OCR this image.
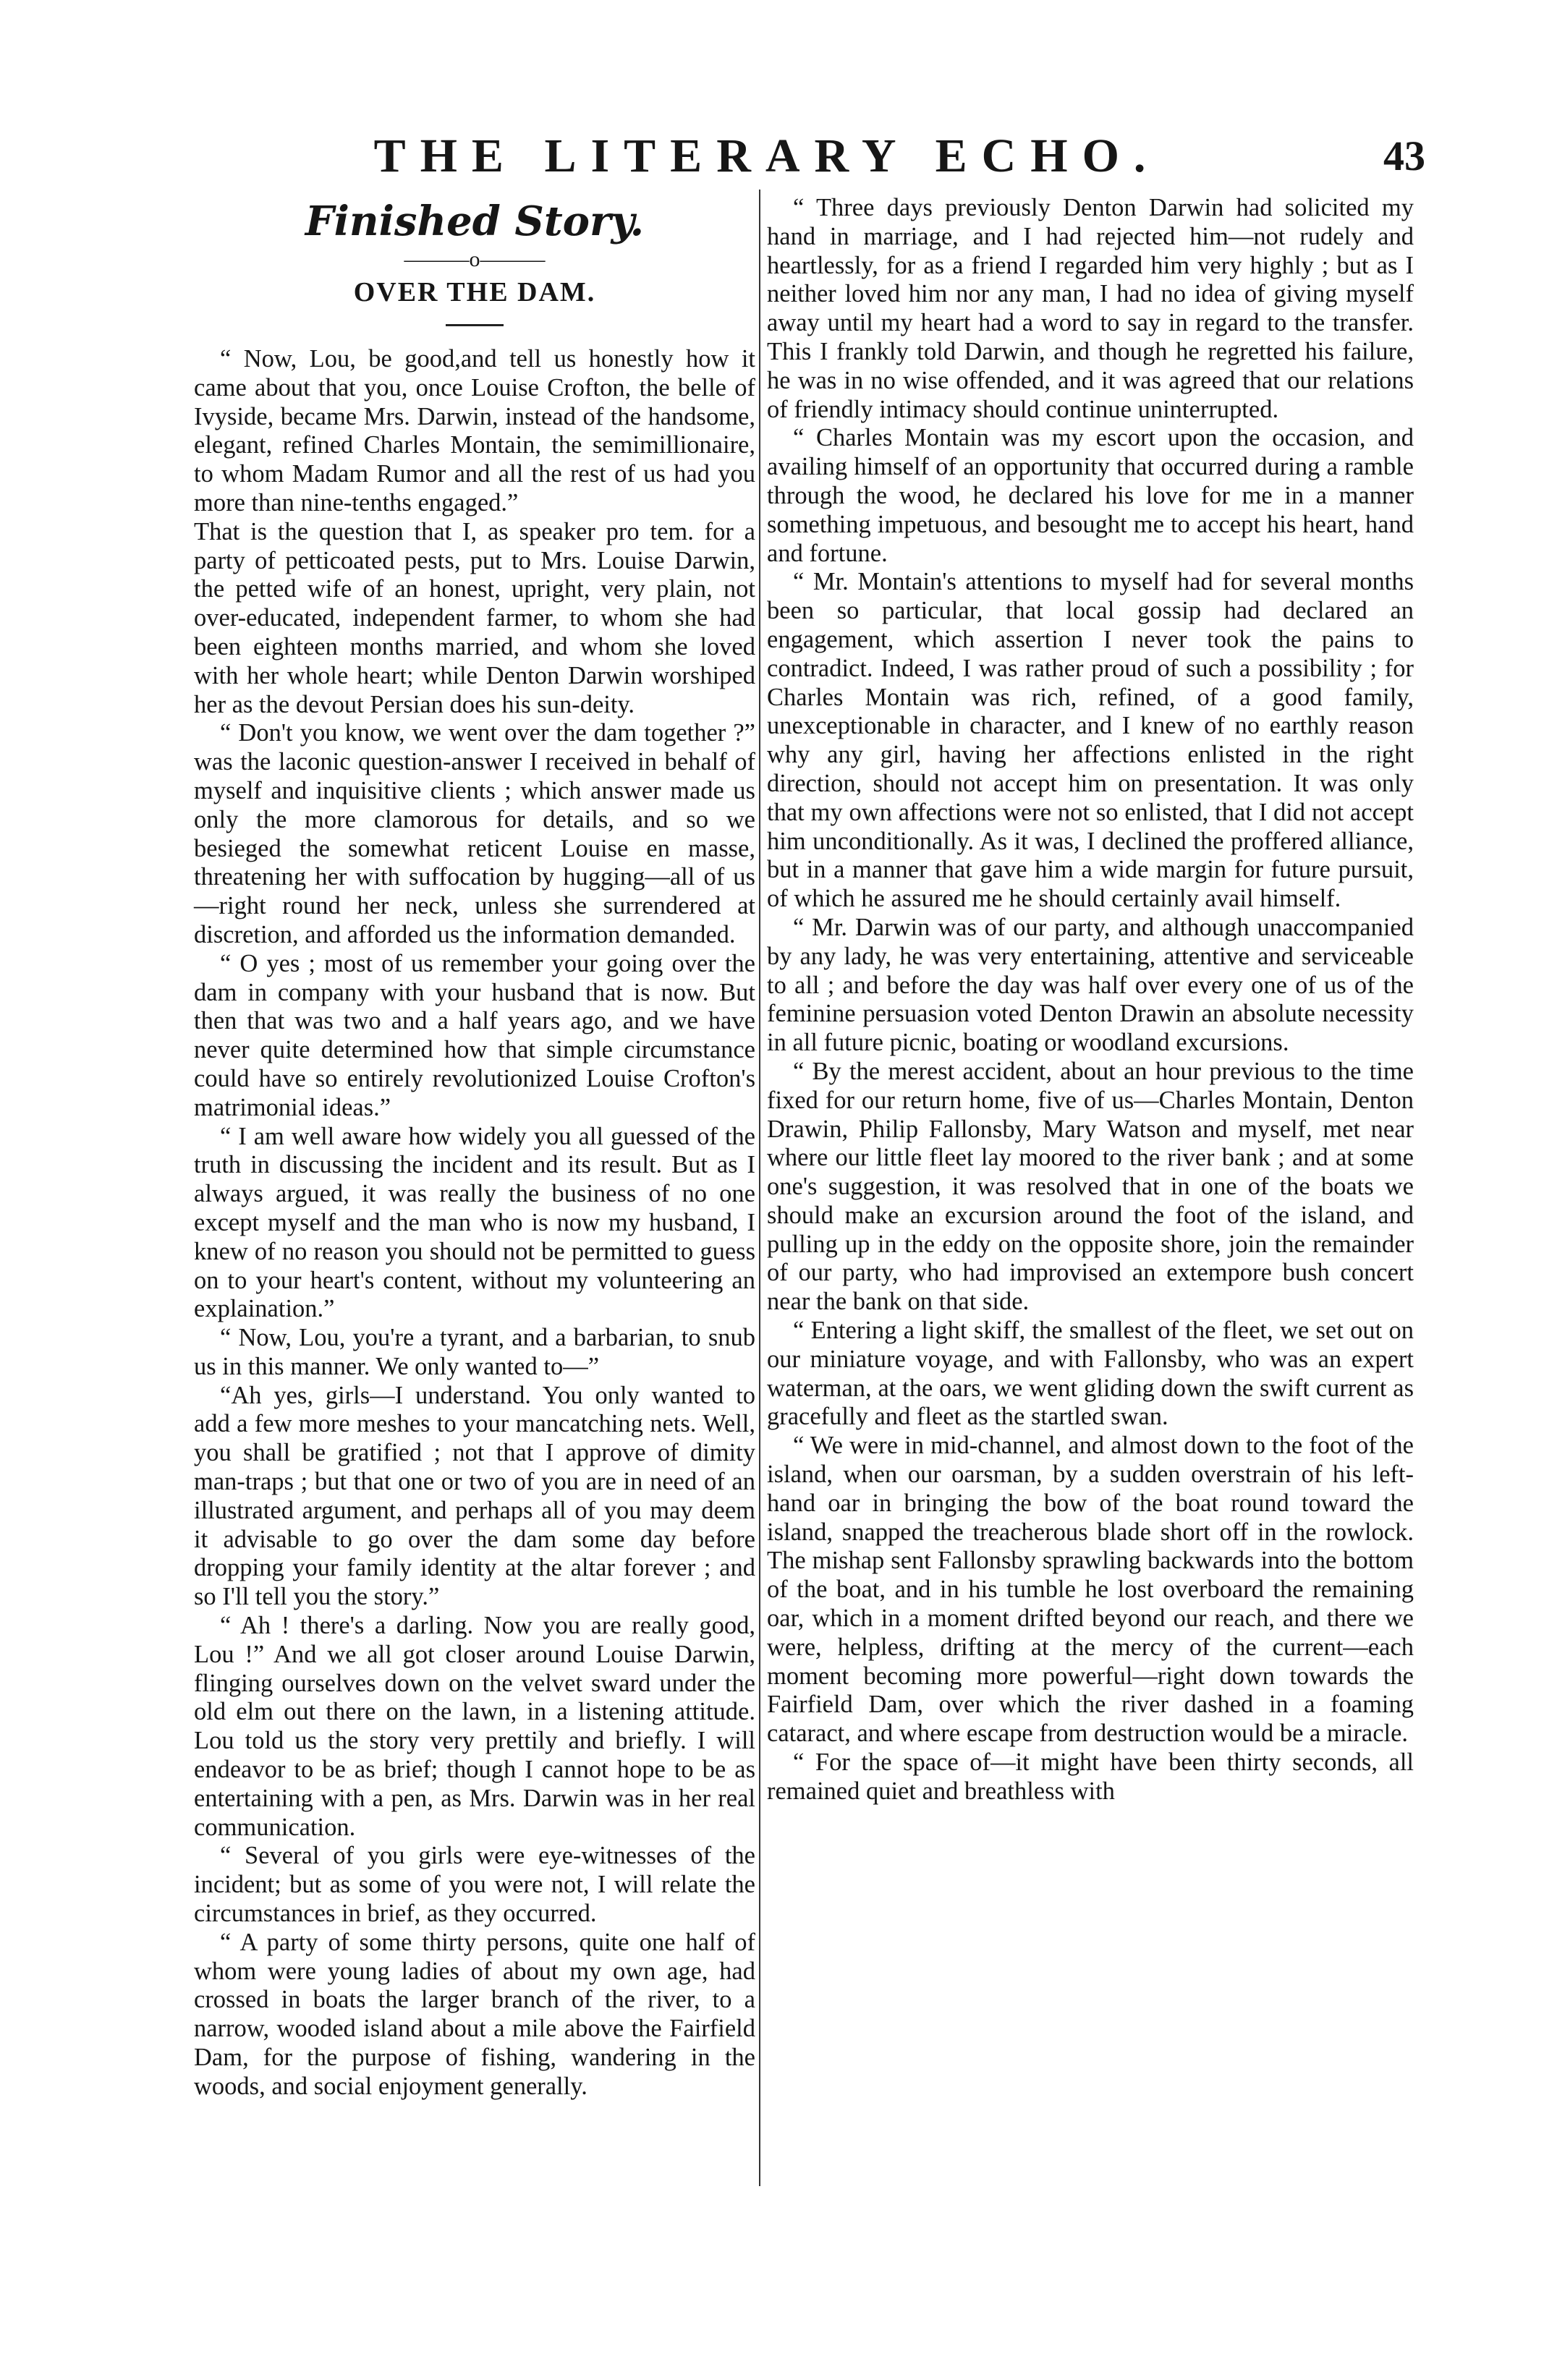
THE LITERARY ECHO.	43
Finished Story.
———o———
OVER THE DAM.

“ Now, Lou, be good,and tell us honestly how it came about that you, once Louise Crofton, the belle of Ivyside, became Mrs. Darwin, instead of the handsome, elegant, refined Charles Montain, the semimillionaire, to whom Madam Rumor and all the rest of us had you more than nine-tenths engaged.”

That is the question that I, as speaker pro tem. for a party of petticoated pests, put to Mrs. Louise Darwin, the petted wife of an honest, upright, very plain, not over-educated, independent farmer, to whom she had been eighteen months married, and whom she loved with her whole heart; while Denton Darwin worshiped her as the devout Persian does his sun-deity.

“ Don't you know, we went over the dam together ?” was the laconic question-answer I received in behalf of myself and inquisitive clients ; which answer made us only the more clamorous for details, and so we besieged the somewhat reticent Louise en masse, threatening her with suffocation by hugging—all of us—right round her neck, unless she surrendered at discretion, and afforded us the information demanded.

“ O yes ; most of us remember your going over the dam in company with your husband that is now. But then that was two and a half years ago, and we have never quite determined how that simple circumstance could have so entirely revolutionized Louise Crofton's matrimonial ideas.”

“ I am well aware how widely you all guessed of the truth in discussing the incident and its result. But as I always argued, it was really the business of no one except myself and the man who is now my husband, I knew of no reason you should not be permitted to guess on to your heart's content, without my volunteering an explaination.”

“ Now, Lou, you're a tyrant, and a barbarian, to snub us in this manner. We only wanted to—”

“Ah yes, girls—I understand. You only wanted to add a few more meshes to your mancatching nets. Well, you shall be gratified ; not that I approve of dimity man-traps ; but that one or two of you are in need of an illustrated argument, and perhaps all of you may deem it advisable to go over the dam some day before dropping your family identity at the altar forever ; and so I'll tell you the story.”

“ Ah ! there's a darling. Now you are really good, Lou !” And we all got closer around Louise Darwin, flinging ourselves down on the velvet sward under the old elm out there on the lawn, in a listening attitude. Lou told us the story very prettily and briefly. I will endeavor to be as brief; though I cannot hope to be as entertaining with a pen, as Mrs. Darwin was in her real communication.

“ Several of you girls were eye-witnesses of the incident; but as some of you were not, I will relate the circumstances in brief, as they occurred.

“ A party of some thirty persons, quite one half of whom were young ladies of about my own age, had crossed in boats the larger branch of the river, to a narrow, wooded island about a mile above the Fairfield Dam, for the purpose of fishing, wandering in the woods, and social enjoyment generally.

“ Three days previously Denton Darwin had solicited my hand in marriage, and I had rejected him—not rudely and heartlessly, for as a friend I regarded him very highly ; but as I neither loved him nor any man, I had no idea of giving myself away until my heart had a word to say in regard to the transfer. This I frankly told Darwin, and though he regretted his failure, he was in no wise offended, and it was agreed that our relations of friendly intimacy should continue uninterrupted.

“ Charles Montain was my escort upon the occasion, and availing himself of an opportunity that occurred during a ramble through the wood, he declared his love for me in a manner something impetuous, and besought me to accept his heart, hand and fortune.

“ Mr. Montain's attentions to myself had for several months been so particular, that local gossip had declared an engagement, which assertion I never took the pains to contradict. Indeed, I was rather proud of such a possibility ; for Charles Montain was rich, refined, of a good family, unexceptionable in character, and I knew of no earthly reason why any girl, having her affections enlisted in the right direction, should not accept him on presentation. It was only that my own affections were not so enlisted, that I did not accept him unconditionally. As it was, I declined the proffered alliance, but in a manner that gave him a wide margin for future pursuit, of which he assured me he should certainly avail himself.

“ Mr. Darwin was of our party, and although unaccompanied by any lady, he was very entertaining, attentive and serviceable to all ; and before the day was half over every one of us of the feminine persuasion voted Denton Drawin an absolute necessity in all future picnic, boating or woodland excursions.

“ By the merest accident, about an hour previous to the time fixed for our return home, five of us—Charles Montain, Denton Drawin, Philip Fallonsby, Mary Watson and myself, met near where our little fleet lay moored to the river bank ; and at some one's suggestion, it was resolved that in one of the boats we should make an excursion around the foot of the island, and pulling up in the eddy on the opposite shore, join the remainder of our party, who had improvised an extempore bush concert near the bank on that side.

“ Entering a light skiff, the smallest of the fleet, we set out on our miniature voyage, and with Fallonsby, who was an expert waterman, at the oars, we went gliding down the swift current as gracefully and fleet as the startled swan.

“ We were in mid-channel, and almost down to the foot of the island, when our oarsman, by a sudden overstrain of his left-hand oar in bringing the bow of the boat round toward the island, snapped the treacherous blade short off in the rowlock. The mishap sent Fallonsby sprawling backwards into the bottom of the boat, and in his tumble he lost overboard the remaining oar, which in a moment drifted beyond our reach, and there we were, helpless, drifting at the mercy of the current—each moment becoming more powerful—right down towards the Fairfield Dam, over which the river dashed in a foaming cataract, and where escape from destruction would be a miracle.

“ For the space of—it might have been thirty seconds, all remained quiet and breathless with
